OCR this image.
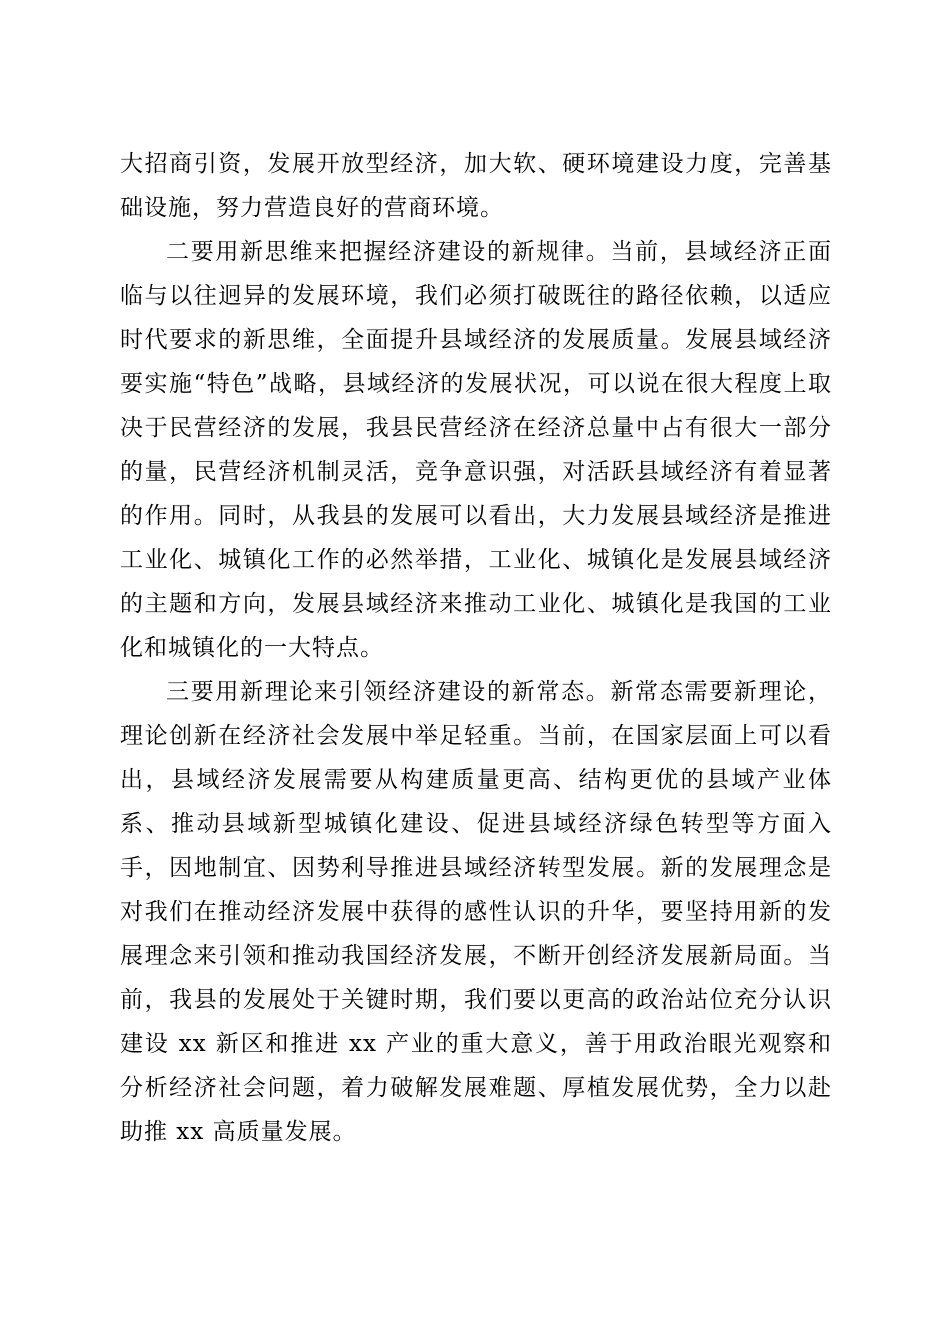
大招商引资，发展开放型经济，加大软、硬环境建设力度，完善基础设施，努力营造良好的营商环境。

二要用新思维来把握经济建设的新规律。当前，县域经济正面临与以往迥异的发展环境，我们必须打破既往的路径依赖，以适应时代要求的新思维，全面提升县域经济的发展质量。发展县域经济要实施“特色”战略，县域经济的发展状况，可以说在很大程度上取决于民营经济的发展，我县民营经济在经济总量中占有很大一部分的量，民营经济机制灵活，竞争意识强，对活跃县域经济有着显著的作用。同时，从我县的发展可以看出，大力发展县域经济是推进工业化、城镇化工作的必然举措，工业化、城镇化是发展县域经济的主题和方向，发展县域经济来推动工业化、城镇化是我国的工业化和城镇化的一大特点。

三要用新理论来引领经济建设的新常态。新常态需要新理论，理论创新在经济社会发展中举足轻重。当前，在国家层面上可以看出，县域经济发展需要从构建质量更高、结构更优的县域产业体系、推动县域新型城镇化建设、促进县域经济绿色转型等方面入手，因地制宜、因势利导推进县域经济转型发展。新的发展理念是对我们在推动经济发展中获得的感性认识的升华，要坚持用新的发展理念来引领和推动我国经济发展，不断开创经济发展新局面。当前，我县的发展处于关键时期，我们要以更高的政治站位充分认识建设 xx 新区和推进 xx 产业的重大意义，善于用政治眼光观察和分析经济社会问题，着力破解发展难题、厚植发展优势，全力以赴助推 xx 高质量发展。
